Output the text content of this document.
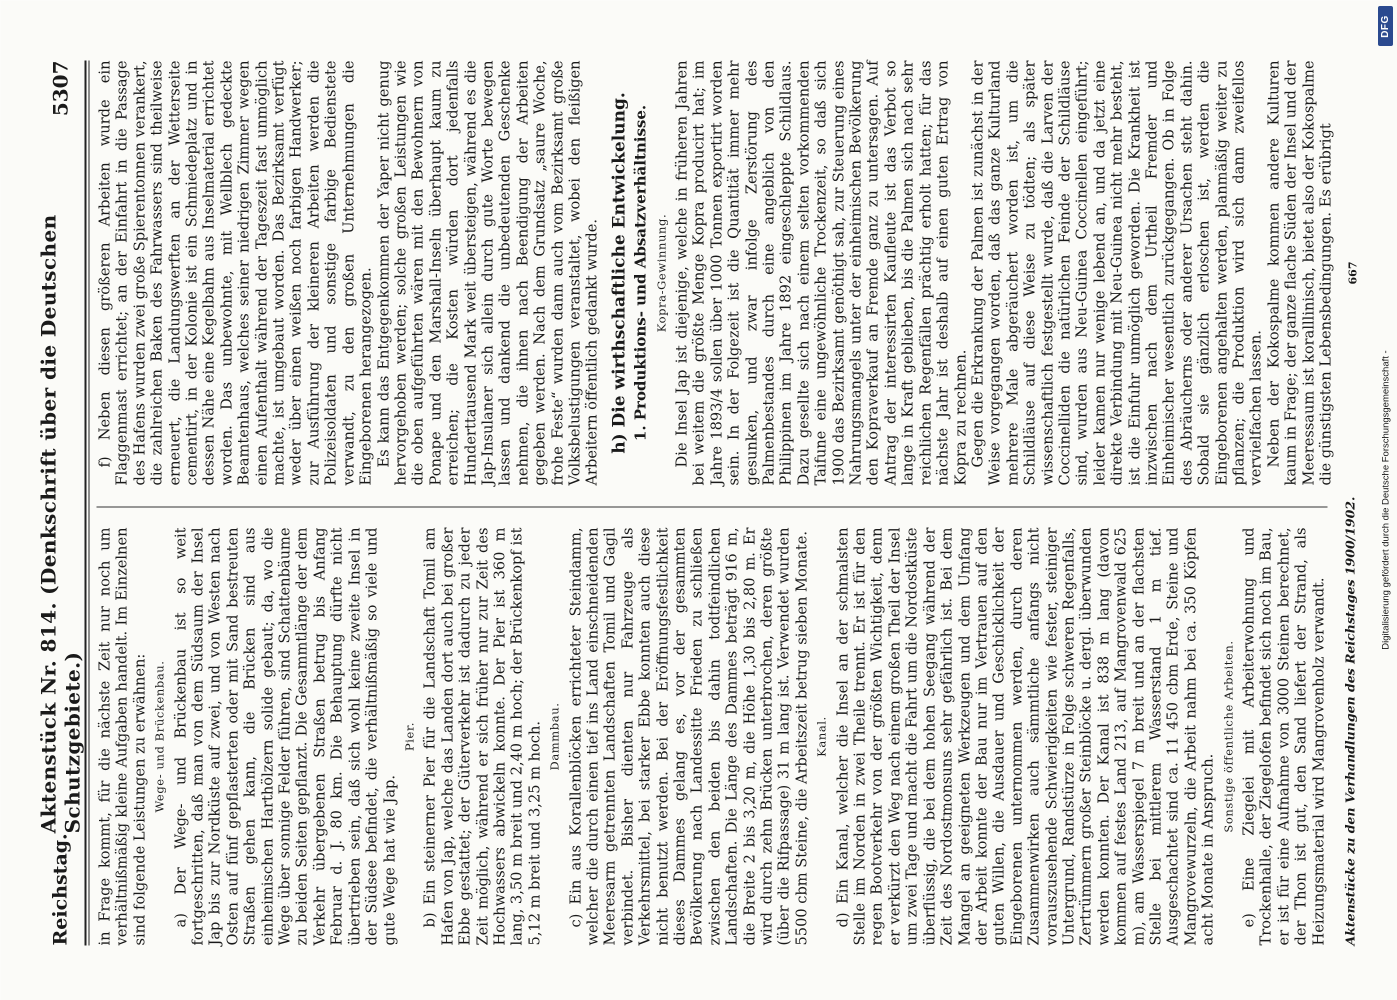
Reichstag.
Aktenstück Nr. 814. (Denkschrift über die Deutschen Schutzgebiete.)
5307

in Frage kommt, für die nächste Zeit nur noch um verhältnißmäßig kleine Aufgaben handelt. Im Einzelnen sind folgende Leistungen zu erwähnen: Wege- und Brückenbau. a) Der Wege- und Brückenbau ist so weit fortgeschritten, daß man von dem Südsaum der Insel Jap bis zur Nordküste auf zwei, und von Westen nach Osten auf fünf gepflasterten oder mit Sand bestreuten Straßen gehen kann, die Brücken sind aus einheimischen Harthölzern solide gebaut; da, wo die Wege über sonnige Felder führen, sind Schattenbäume zu beiden Seiten gepflanzt. Die Gesammtlänge der dem Verkehr übergebenen Straßen betrug bis Anfang Februar d. J. 80 km. Die Behauptung dürfte nicht übertrieben sein, daß sich wohl keine zweite Insel in der Südsee befindet, die verhältnißmäßig so viele und gute Wege hat wie Jap.

Pier. b) Ein steinerner Pier für die Landschaft Tomil am Hafen von Jap, welche das Landen dort auch bei großer Ebbe gestattet; der Güterverkehr ist dadurch zu jeder Zeit möglich, während er sich früher nur zur Zeit des Hochwassers abwickeln konnte. Der Pier ist 360 m lang, 3,50 m breit und 2,40 m hoch; der Brückenkopf ist 5,12 m breit und 3,25 m hoch. Dammbau. c) Ein aus Korallenblöcken errichteter Steindamm, welcher die durch einen tief ins Land einschneidenden Meeresarm getrennten Landschaften Tomil und Gagil verbindet. Bisher dienten nur Fahrzeuge als Verkehrsmittel, bei starker Ebbe konnten auch diese nicht benutzt werden. Bei der Eröffnungsfestlichkeit dieses Dammes gelang es, vor der gesammten Bevölkerung nach Landessitte Frieden zu schließen zwischen den beiden bis dahin todtfeindlichen Landschaften. Die Länge des Dammes beträgt 916 m, die Breite 2 bis 3,20 m, die Höhe 1,30 bis 2,80 m. Er wird durch zehn Brücken unterbrochen, deren größte (über die Rifpassage) 31 m lang ist. Verwendet wurden 5500 cbm Steine, die Arbeitszeit betrug sieben Monate. Kanal. d) Ein Kanal, welcher die Insel an der schmalsten Stelle im Norden in zwei Theile trennt. Er ist für den regen Bootverkehr von der größten Wichtigkeit, denn er verkürzt den Weg nach einem großen Theil der Insel um zwei Tage und macht die Fahrt um die Nordostküste überflüssig, die bei dem hohen Seegang während der Zeit des Nordostmonsuns sehr gefährlich ist. Bei dem Mangel an geeigneten Werkzeugen und dem Umfang der Arbeit konnte der Bau nur im Vertrauen auf den guten Willen, die Ausdauer und Geschicklichkeit der Eingeborenen unternommen werden, durch deren Zusammenwirken auch sämmtliche anfangs nicht vorauszusehende Schwierigkeiten wie fester, steiniger Untergrund, Randstürze in Folge schweren Regenfalls, Zertrümmern großer Steinblöcke u. dergl. überwunden werden konnten. Der Kanal ist 838 m lang (davon kommen auf festes Land 213, auf Mangrovenwald 625 m), am Wasserspiegel 7 m breit und an der flachsten Stelle bei mittlerem Wasserstand 1 m tief. Ausgeschachtet sind ca. 11 450 cbm Erde, Steine und Mangrovewurzeln, die Arbeit nahm bei ca. 350 Köpfen acht Monate in Anspruch.

Sonstige öffentliche Arbeiten. e) Eine Ziegelei mit Arbeiterwohnung und Trockenhalle, der Ziegelofen befindet sich noch im Bau, er ist für eine Aufnahme von 3000 Steinen berechnet, der Thon ist gut, den Sand liefert der Strand, als Heizungsmaterial wird Mangrovenholz verwandt.

f) Neben diesen größeren Arbeiten wurde ein Flaggenmast errichtet; an der Einfahrt in die Passage des Hafens wurden zwei große Spierentonnen verankert, die zahlreichen Baken des Fahrwassers sind theilweise erneuert, die Landungswerften an der Wetterseite cementirt, in der Kolonie ist ein Schmiedeplatz und in dessen Nähe eine Kegelbahn aus Inselmaterial errichtet worden. Das unbewohnte, mit Wellblech gedeckte Beamtenhaus, welches seiner niedrigen Zimmer wegen einen Aufenthalt während der Tageszeit fast unmöglich machte, ist umgebaut worden. Das Bezirksamt verfügt weder über einen weißen noch farbigen Handwerker; zur Ausführung der kleineren Arbeiten werden die Polizeisoldaten und sonstige farbige Bedienstete verwandt, zu den großen Unternehmungen die Eingeborenen herangezogen. Es kann das Entgegenkommen der Yaper nicht genug hervorgehoben werden; solche großen Leistungen wie die oben aufgeführten wären mit den Bewohnern von Ponape und den Marshall-Inseln überhaupt kaum zu erreichen; die Kosten würden dort jedenfalls Hunderttausend Mark weit übersteigen, während es die Jap-Insulaner sich allein durch gute Worte bewegen lassen und dankend die unbedeutenden Geschenke nehmen, die ihnen nach Beendigung der Arbeiten gegeben werden. Nach dem Grundsatz „saure Woche, frohe Feste“ wurden dann auch vom Bezirksamt große Volksbelustigungen veranstaltet, wobei den fleißigen Arbeitern öffentlich gedankt wurde. h) Die wirthschaftliche Entwickelung. 1. Produktions- und Absatzverhältnisse. Kopra-Gewinnung. Die Insel Jap ist diejenige, welche in früheren Jahren bei weitem die größte Menge Kopra producirt hat; im Jahre 1893/4 sollen über 1000 Tonnen exportirt worden sein. In der Folgezeit ist die Quantität immer mehr gesunken, und zwar infolge Zerstörung des Palmenbestandes durch eine angeblich von den Philippinen im Jahre 1892 eingeschleppte Schildlaus. Dazu gesellte sich nach einem selten vorkommenden Taifune eine ungewöhnliche Trockenzeit, so daß sich 1900 das Bezirksamt genöthigt sah, zur Steuerung eines Nahrungsmangels unter der einheimischen Bevölkerung den Kopraverkauf an Fremde ganz zu untersagen. Auf Antrag der interessirten Kaufleute ist das Verbot so lange in Kraft geblieben, bis die Palmen sich nach sehr reichlichen Regenfällen prächtig erholt hatten; für das nächste Jahr ist deshalb auf einen guten Ertrag von Kopra zu rechnen. Gegen die Erkrankung der Palmen ist zunächst in der Weise vorgegangen worden, daß das ganze Kulturland mehrere Male abgeräuchert worden ist, um die Schildläuse auf diese Weise zu tödten; als später wissenschaftlich festgestellt wurde, daß die Larven der Coccinelliden die natürlichen Feinde der Schildläuse sind, wurden aus Neu-Guinea Coccinellen eingeführt; leider kamen nur wenige lebend an, und da jetzt eine direkte Verbindung mit Neu-Guinea nicht mehr besteht, ist die Einfuhr unmöglich geworden. Die Krankheit ist inzwischen nach dem Urtheil Fremder und Einheimischer wesentlich zurückgegangen. Ob in Folge des Abräucherns oder anderer Ursachen steht dahin. Sobald sie gänzlich erloschen ist, werden die Eingeborenen angehalten werden, planmäßig weiter zu pflanzen; die Produktion wird sich dann zweifellos vervielfachen lassen. Neben der Kokospalme kommen andere Kulturen kaum in Frage; der ganze flache Süden der Insel und der Meeressaum ist koralllinisch, bietet also der Kokospalme die günstigsten Lebensbedingungen. Es erübrigt

Aktenstücke zu den Verhandlungen des Reichstages 1900/1902.
667
Digitalisierung gefördert durch die Deutsche Forschungsgemeinschaft -
DFG
